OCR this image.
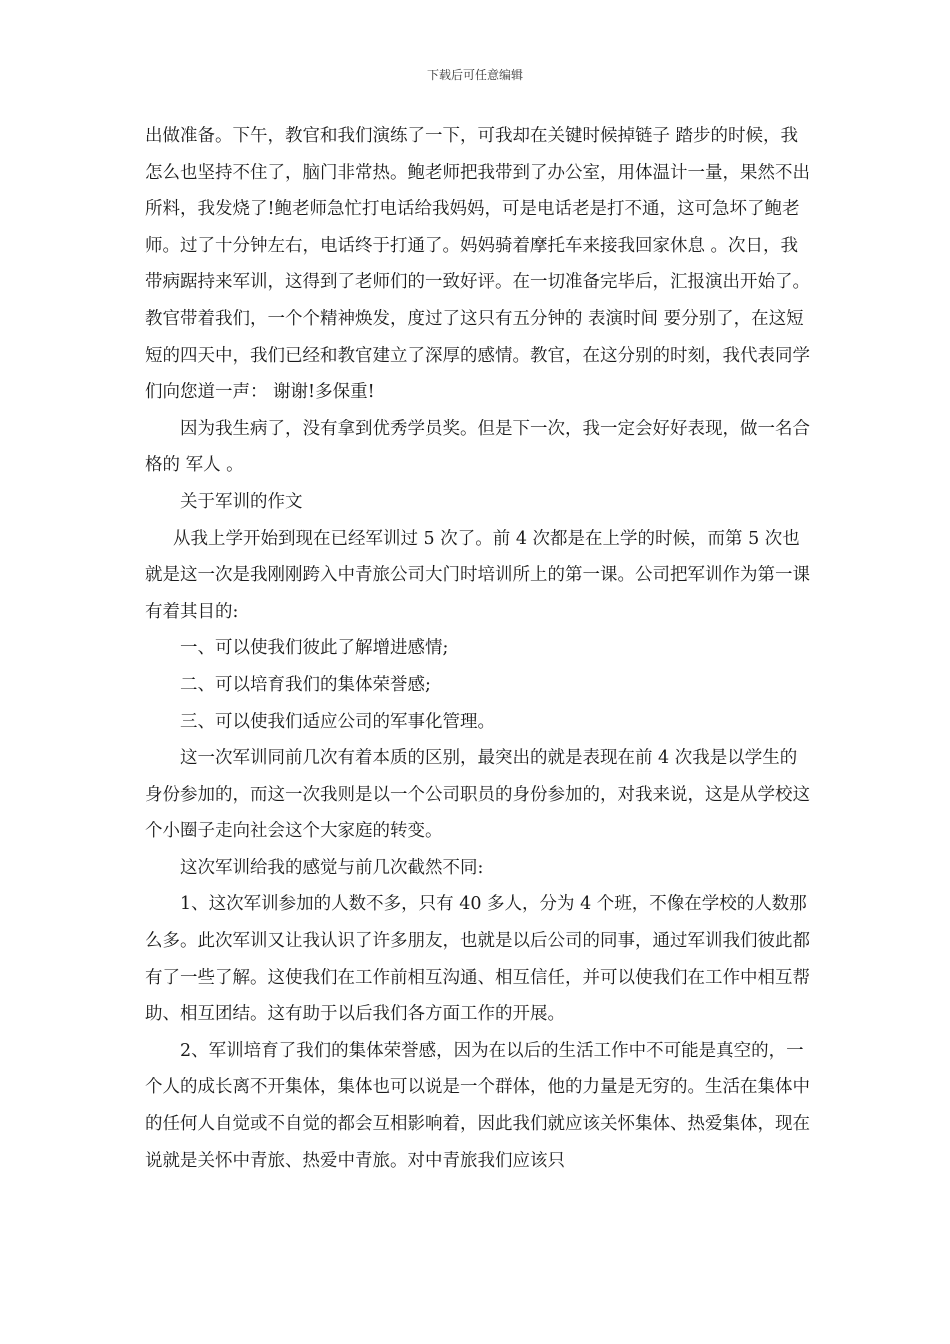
下载后可任意编辑

出做准备。下午，教官和我们演练了一下，可我却在关键时候掉链子 踏步的时候，我怎么也坚持不住了，脑门非常热。鲍老师把我带到了办公室，用体温计一量，果然不出所料，我发烧了!鲍老师急忙打电话给我妈妈，可是电话老是打不通，这可急坏了鲍老师。过了十分钟左右，电话终于打通了。妈妈骑着摩托车来接我回家休息 。次日，我带病踞持来军训，这得到了老师们的一致好评。在一切准备完毕后，汇报演出开始了。教官带着我们，一个个精神焕发，度过了这只有五分钟的 表演时间 要分别了，在这短短的四天中，我们已经和教官建立了深厚的感情。教官，在这分别的时刻，我代表同学们向您道一声： 谢谢!多保重!

因为我生病了，没有拿到优秀学员奖。但是下一次，我一定会好好表现，做一名合格的 军人 。

关于军训的作文

从我上学开始到现在已经军训过 5 次了。前 4 次都是在上学的时候，而第 5 次也就是这一次是我刚刚跨入中青旅公司大门时培训所上的第一课。公司把军训作为第一课有着其目的:

一、可以使我们彼此了解增进感情;

二、可以培育我们的集体荣誉感;

三、可以使我们适应公司的军事化管理。

这一次军训同前几次有着本质的区别，最突出的就是表现在前 4 次我是以学生的身份参加的，而这一次我则是以一个公司职员的身份参加的，对我来说，这是从学校这个小圈子走向社会这个大家庭的转变。

这次军训给我的感觉与前几次截然不同:

1、这次军训参加的人数不多，只有 40 多人，分为 4 个班，不像在学校的人数那么多。此次军训又让我认识了许多朋友，也就是以后公司的同事，通过军训我们彼此都有了一些了解。这使我们在工作前相互沟通、相互信任，并可以使我们在工作中相互帮助、相互团结。这有助于以后我们各方面工作的开展。

2、军训培育了我们的集体荣誉感，因为在以后的生活工作中不可能是真空的，一个人的成长离不开集体，集体也可以说是一个群体，他的力量是无穷的。生活在集体中的任何人自觉或不自觉的都会互相影响着，因此我们就应该关怀集体、热爱集体，现在说就是关怀中青旅、热爱中青旅。对中青旅我们应该只
